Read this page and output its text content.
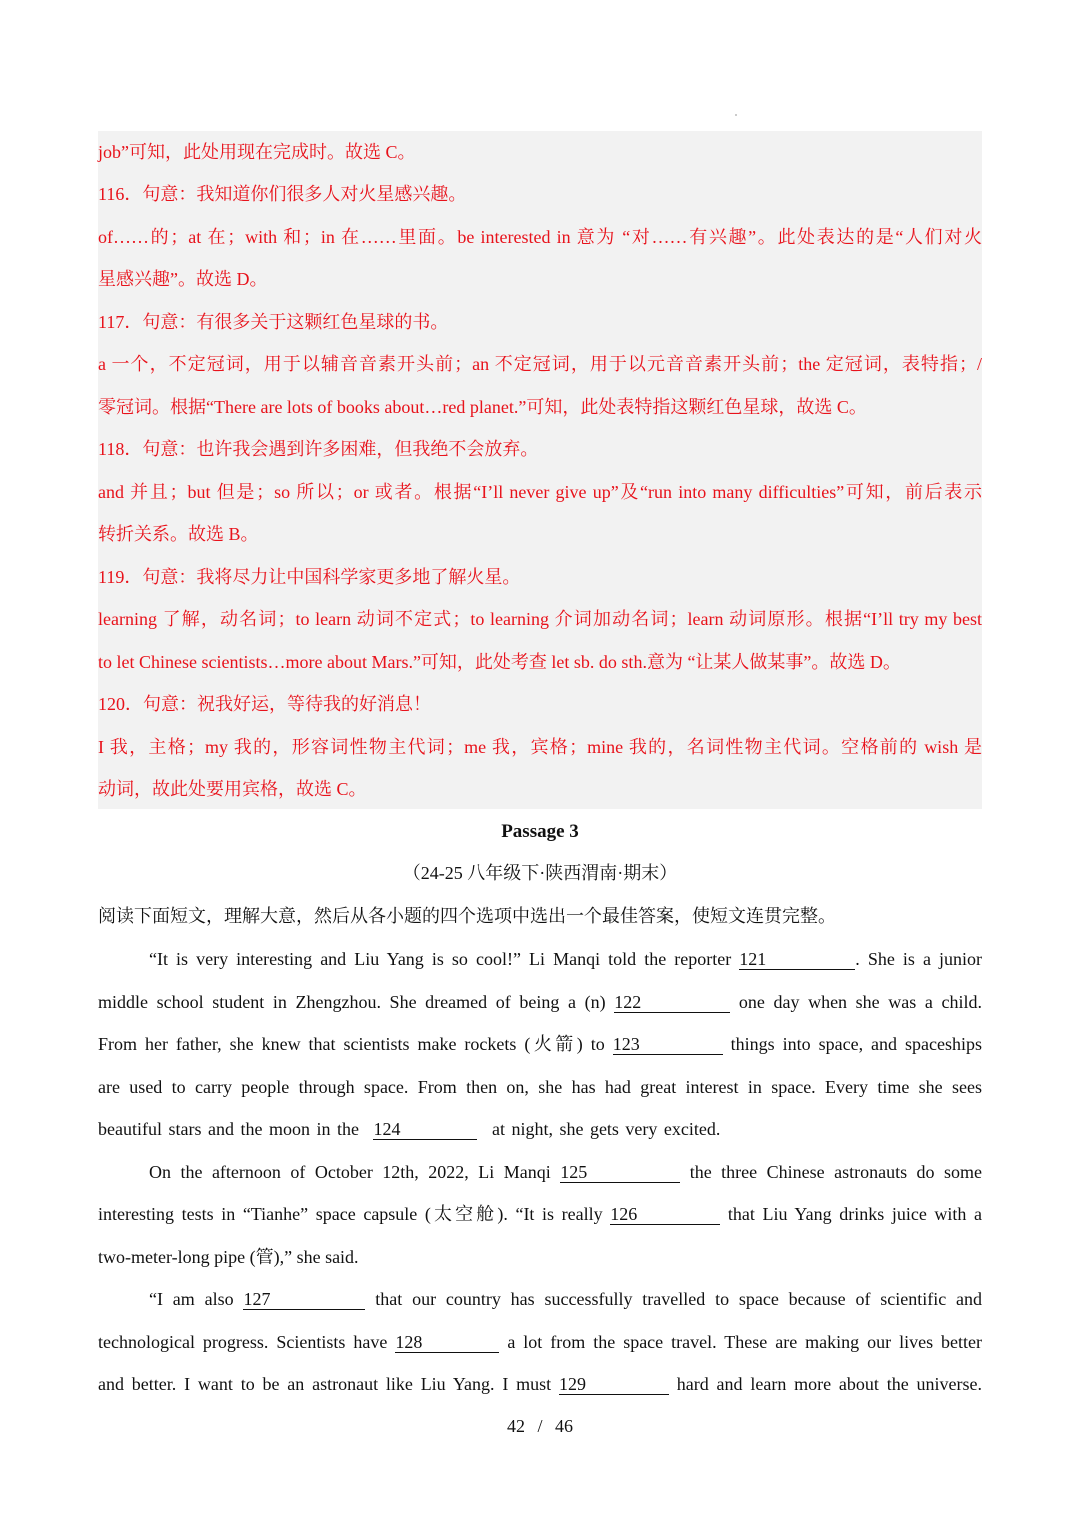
job”可知，此处用现在完成时。故选 C。
116．句意：我知道你们很多人对火星感兴趣。
of……的；at 在；with 和；in 在……里面。be interested in 意为 “对……有兴趣”。此处表达的是“人们对火
星感兴趣”。故选 D。
117．句意：有很多关于这颗红色星球的书。
a 一个，不定冠词，用于以辅音音素开头前；an 不定冠词，用于以元音音素开头前；the 定冠词，表特指；/
零冠词。根据“There are lots of books about…red planet.”可知，此处表特指这颗红色星球，故选 C。
118．句意：也许我会遇到许多困难，但我绝不会放弃。
and 并且；but 但是；so 所以；or 或者。根据“I’ll never give up”及“run into many difficulties”可知，前后表示
转折关系。故选 B。
119．句意：我将尽力让中国科学家更多地了解火星。
learning 了解，动名词；to learn 动词不定式；to learning 介词加动名词；learn 动词原形。根据“I’ll try my best
to let Chinese scientists…more about Mars.”可知，此处考查 let sb. do sth.意为 “让某人做某事”。故选 D。
120．句意：祝我好运，等待我的好消息！
I 我，主格；my 我的，形容词性物主代词；me 我，宾格；mine 我的，名词性物主代词。空格前的 wish 是
动词，故此处要用宾格，故选 C。
Passage 3
（24-25 八年级下·陕西渭南·期末）
阅读下面短文，理解大意，然后从各小题的四个选项中选出一个最佳答案，使短文连贯完整。
“It is very interesting and Liu Yang is so cool!” Li Manqi told the reporter 121	. She is a junior
middle school student in Zhengzhou. She dreamed of being a (n) 122	one day when she was a child.
From her father, she knew that scientists make rockets (火箭) to 123	things into space, and spaceships
are used to carry people through space. From then on, she has had great interest in space. Every time she sees
beautiful stars and the moon in the 124	at night, she gets very excited.
On the afternoon of October 12th, 2022, Li Manqi 125	the three Chinese astronauts do some
interesting tests in “Tianhe” space capsule (太空舱). “It is really 126	that Liu Yang drinks juice with a
two-meter-long pipe (管),” she said.
“I am also 127	that our country has successfully travelled to space because of scientific and
technological progress. Scientists have 128	a lot from the space travel. These are making our lives better
and better. I want to be an astronaut like Liu Yang. I must 129	hard and learn more about the universe.
42 / 46
